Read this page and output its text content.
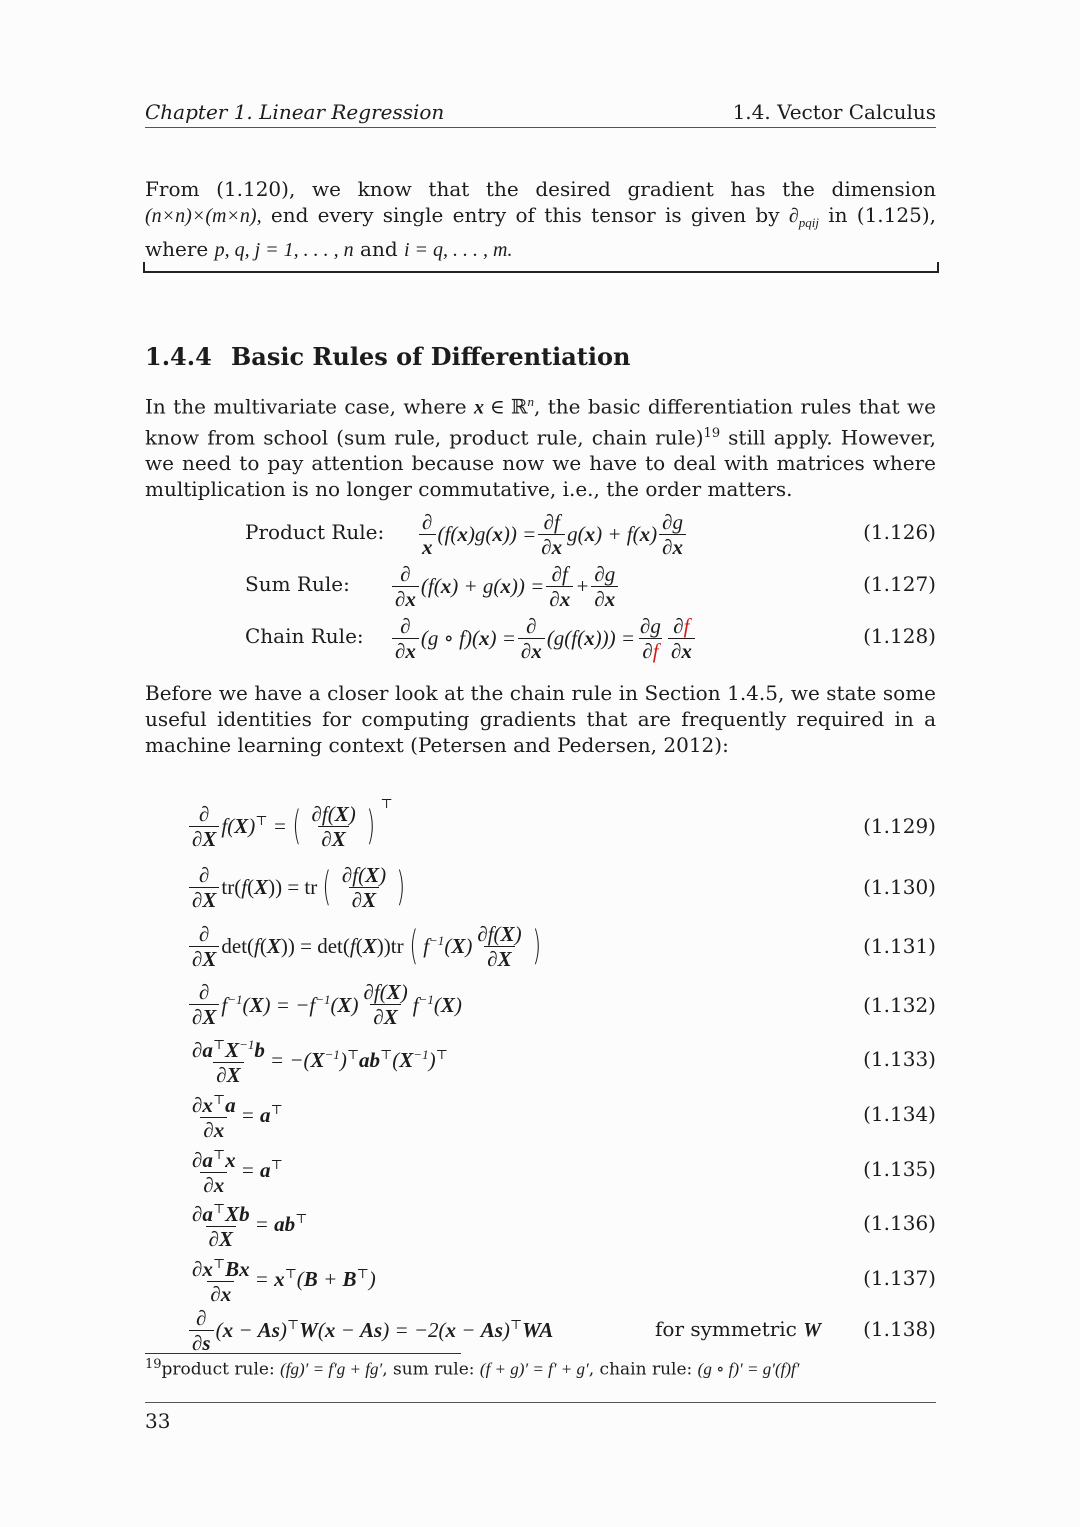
Chapter 1. Linear Regression	1.4. Vector Calculus

From (1.120), we know that the desired gradient has the dimension (n×n)×(m×n), end every single entry of this tensor is given by $\partial_{pqij}$ in (1.125), where p, q, j = 1, . . . , n and i = q, . . . , m.

1.4.4 Basic Rules of Differentiation

In the multivariate case, where x ∈ ℝ$^n$, the basic differentiation rules that we know from school (sum rule, product rule, chain rule)$^{19}$ still apply. However, we need to pay attention because now we have to deal with matrices where multiplication is no longer commutative, i.e., the order matters.

Product Rule: $\frac{\partial}{x} (f(x)g(x)) = \frac{\partial f}{\partial x} g(x) + f(x) \frac{\partial g}{\partial x}$	(1.126)
Sum Rule: $\frac{\partial}{\partial x} (f(x) + g(x)) = \frac{\partial f}{\partial x} + \frac{\partial g}{\partial x}$	(1.127)
Chain Rule: $\frac{\partial}{\partial x} (g$ ∘ $f)(x) = \frac{\partial}{\partial x} (g(f(x))) = \frac{\partial g}{\partial f} \frac{\partial f}{\partial x}$	(1.128)
Before we have a closer look at the chain rule in Section 1.4.5, we state some useful identities for computing gradients that are frequently required in a machine learning context (Petersen and Pedersen, 2012):
$\frac{\partial}{\partial X} f(X)^⊤$ = ( $\frac{\partial f(X)}{\partial X}$ ) ⊤
(1.129)
$\frac{\partial}{\partial X} tr(f(X))$ = tr ( $\frac{\partial f(X)}{\partial X}$ )	(1.130)
$\frac{\partial}{\partial X} \det(f(X)) = \det(f(X))tr$ ( $f^{-1}(X) \frac{\partial f(X)}{\partial X}$ )	(1.131)
$\frac{\partial}{\partial X} f^{-1}(X) = -f^{-1}(X) \frac{\partial f(X)}{\partial X} f^{-1}(X)$	(1.132)
$\frac{\partial a^⊤X^{-1}b}{\partial X} = -(X^{-1})^⊤ab^⊤(X^{-1})^⊤$	(1.133)
$\frac{\partial x^⊤a}{\partial x} = a^⊤$	(1.134)
$\frac{\partial a^⊤x}{\partial x} = a^⊤$	(1.135)
$\frac{\partial a^⊤Xb}{\partial X} = ab^⊤$	(1.136)
$\frac{\partial x^⊤Bx}{\partial x} = x^⊤(B + B^⊤)$	(1.137)
$\frac{\partial}{\partial s} (x - As)^⊤W(x - As) = -2(x - As)^⊤WA$	for symmetric W (1.138)
$^{19}$product rule: (fg)′ = f′g + fg′, sum rule: (f + g)′ = f′ + g′, chain rule: (g ∘ f)′ = g′(f)f′
33
